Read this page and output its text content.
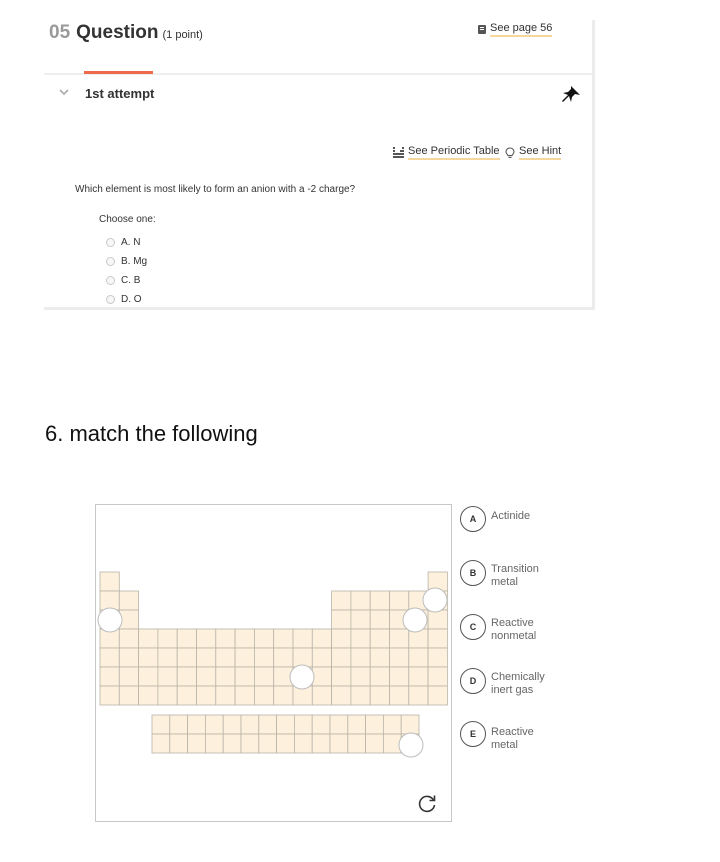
05 Question (1 point)
See page 56
1st attempt
See Periodic Table See Hint
Which element is most likely to form an anion with a -2 charge?
Choose one:
A. N
B. Mg
C. B
D. O
6. match the following
A	Actinide
B	Transition metal
C	Reactive nonmetal
D	Chemically inert gas
E	Reactive metal
